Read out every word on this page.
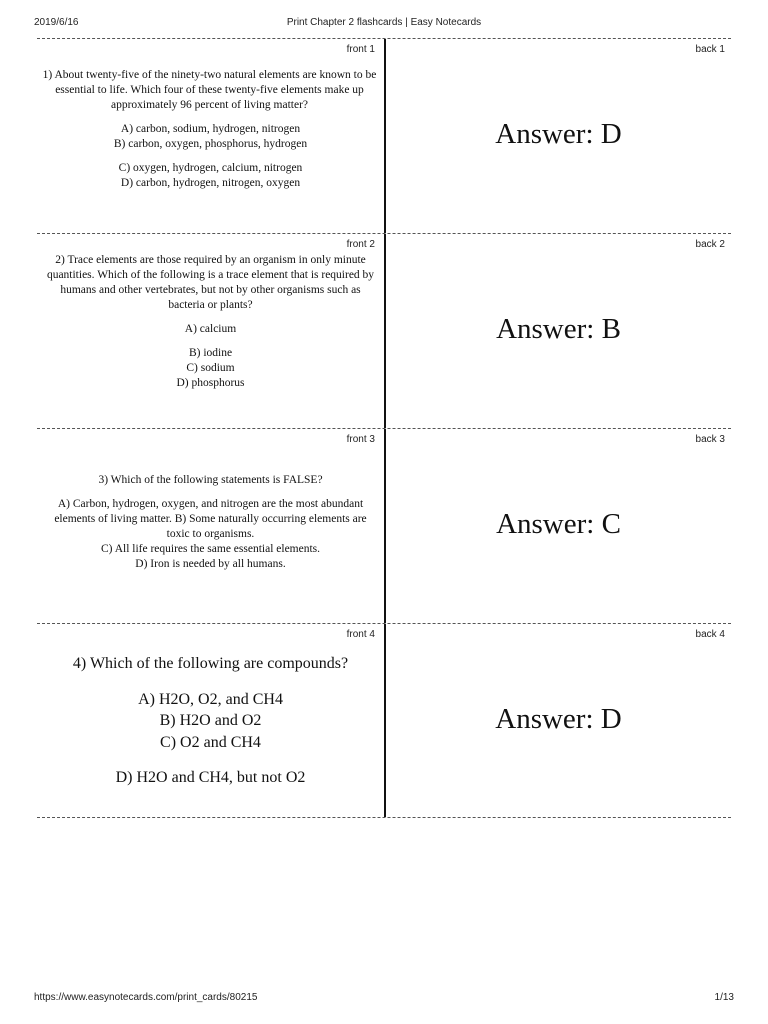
2019/6/16	Print Chapter 2 flashcards | Easy Notecards
front 1

1) About twenty-five of the ninety-two natural elements are known to be essential to life. Which four of these twenty-five elements make up approximately 96 percent of living matter?

A) carbon, sodium, hydrogen, nitrogen

B) carbon, oxygen, phosphorus, hydrogen

C) oxygen, hydrogen, calcium, nitrogen

D) carbon, hydrogen, nitrogen, oxygen

back 1
Answer: D
front 2

2) Trace elements are those required by an organism in only minute quantities. Which of the following is a trace element that is required by humans and other vertebrates, but not by other organisms such as bacteria or plants?

A) calcium

B) iodine

C) sodium

D) phosphorus

back 2
Answer: B
front 3

3) Which of the following statements is FALSE?

A) Carbon, hydrogen, oxygen, and nitrogen are the most abundant elements of living matter. B) Some naturally occurring elements are toxic to organisms.

C) All life requires the same essential elements.

D) Iron is needed by all humans.

back 3
Answer: C
front 4

4) Which of the following are compounds?

A) H2O, O2, and CH4

B) H2O and O2

C) O2 and CH4

D) H2O and CH4, but not O2

back 4
Answer: D
https://www.easynotecards.com/print_cards/80215	1/13
